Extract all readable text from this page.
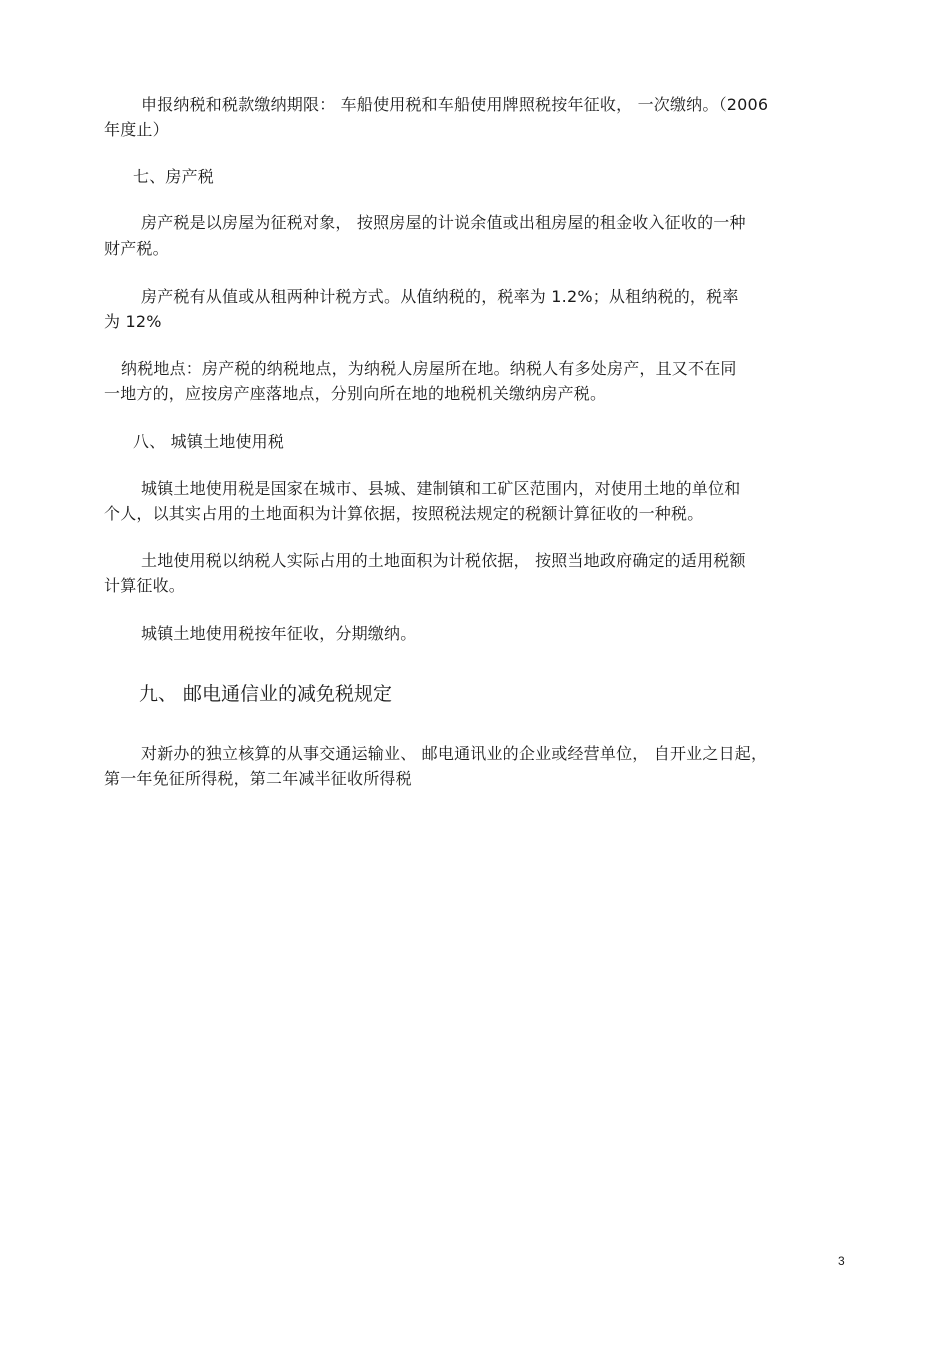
申报纳税和税款缴纳期限： 车船使用税和车船使用牌照税按年征收， 一次缴纳。（2006
年度止）
七、房产税
房产税是以房屋为征税对象， 按照房屋的计说余值或出租房屋的租金收入征收的一种
财产税。
房产税有从值或从租两种计税方式。从值纳税的，税率为 1.2%；从租纳税的，税率
为 12%
纳税地点：房产税的纳税地点，为纳税人房屋所在地。纳税人有多处房产，且又不在同
一地方的，应按房产座落地点，分别向所在地的地税机关缴纳房产税。
八、 城镇土地使用税
城镇土地使用税是国家在城市、县城、建制镇和工矿区范围内，对使用土地的单位和
个人，以其实占用的土地面积为计算依据，按照税法规定的税额计算征收的一种税。
土地使用税以纳税人实际占用的土地面积为计税依据， 按照当地政府确定的适用税额
计算征收。
城镇土地使用税按年征收，分期缴纳。
九、 邮电通信业的减免税规定
对新办的独立核算的从事交通运输业、 邮电通讯业的企业或经营单位， 自开业之日起，
第一年免征所得税，第二年减半征收所得税
3
